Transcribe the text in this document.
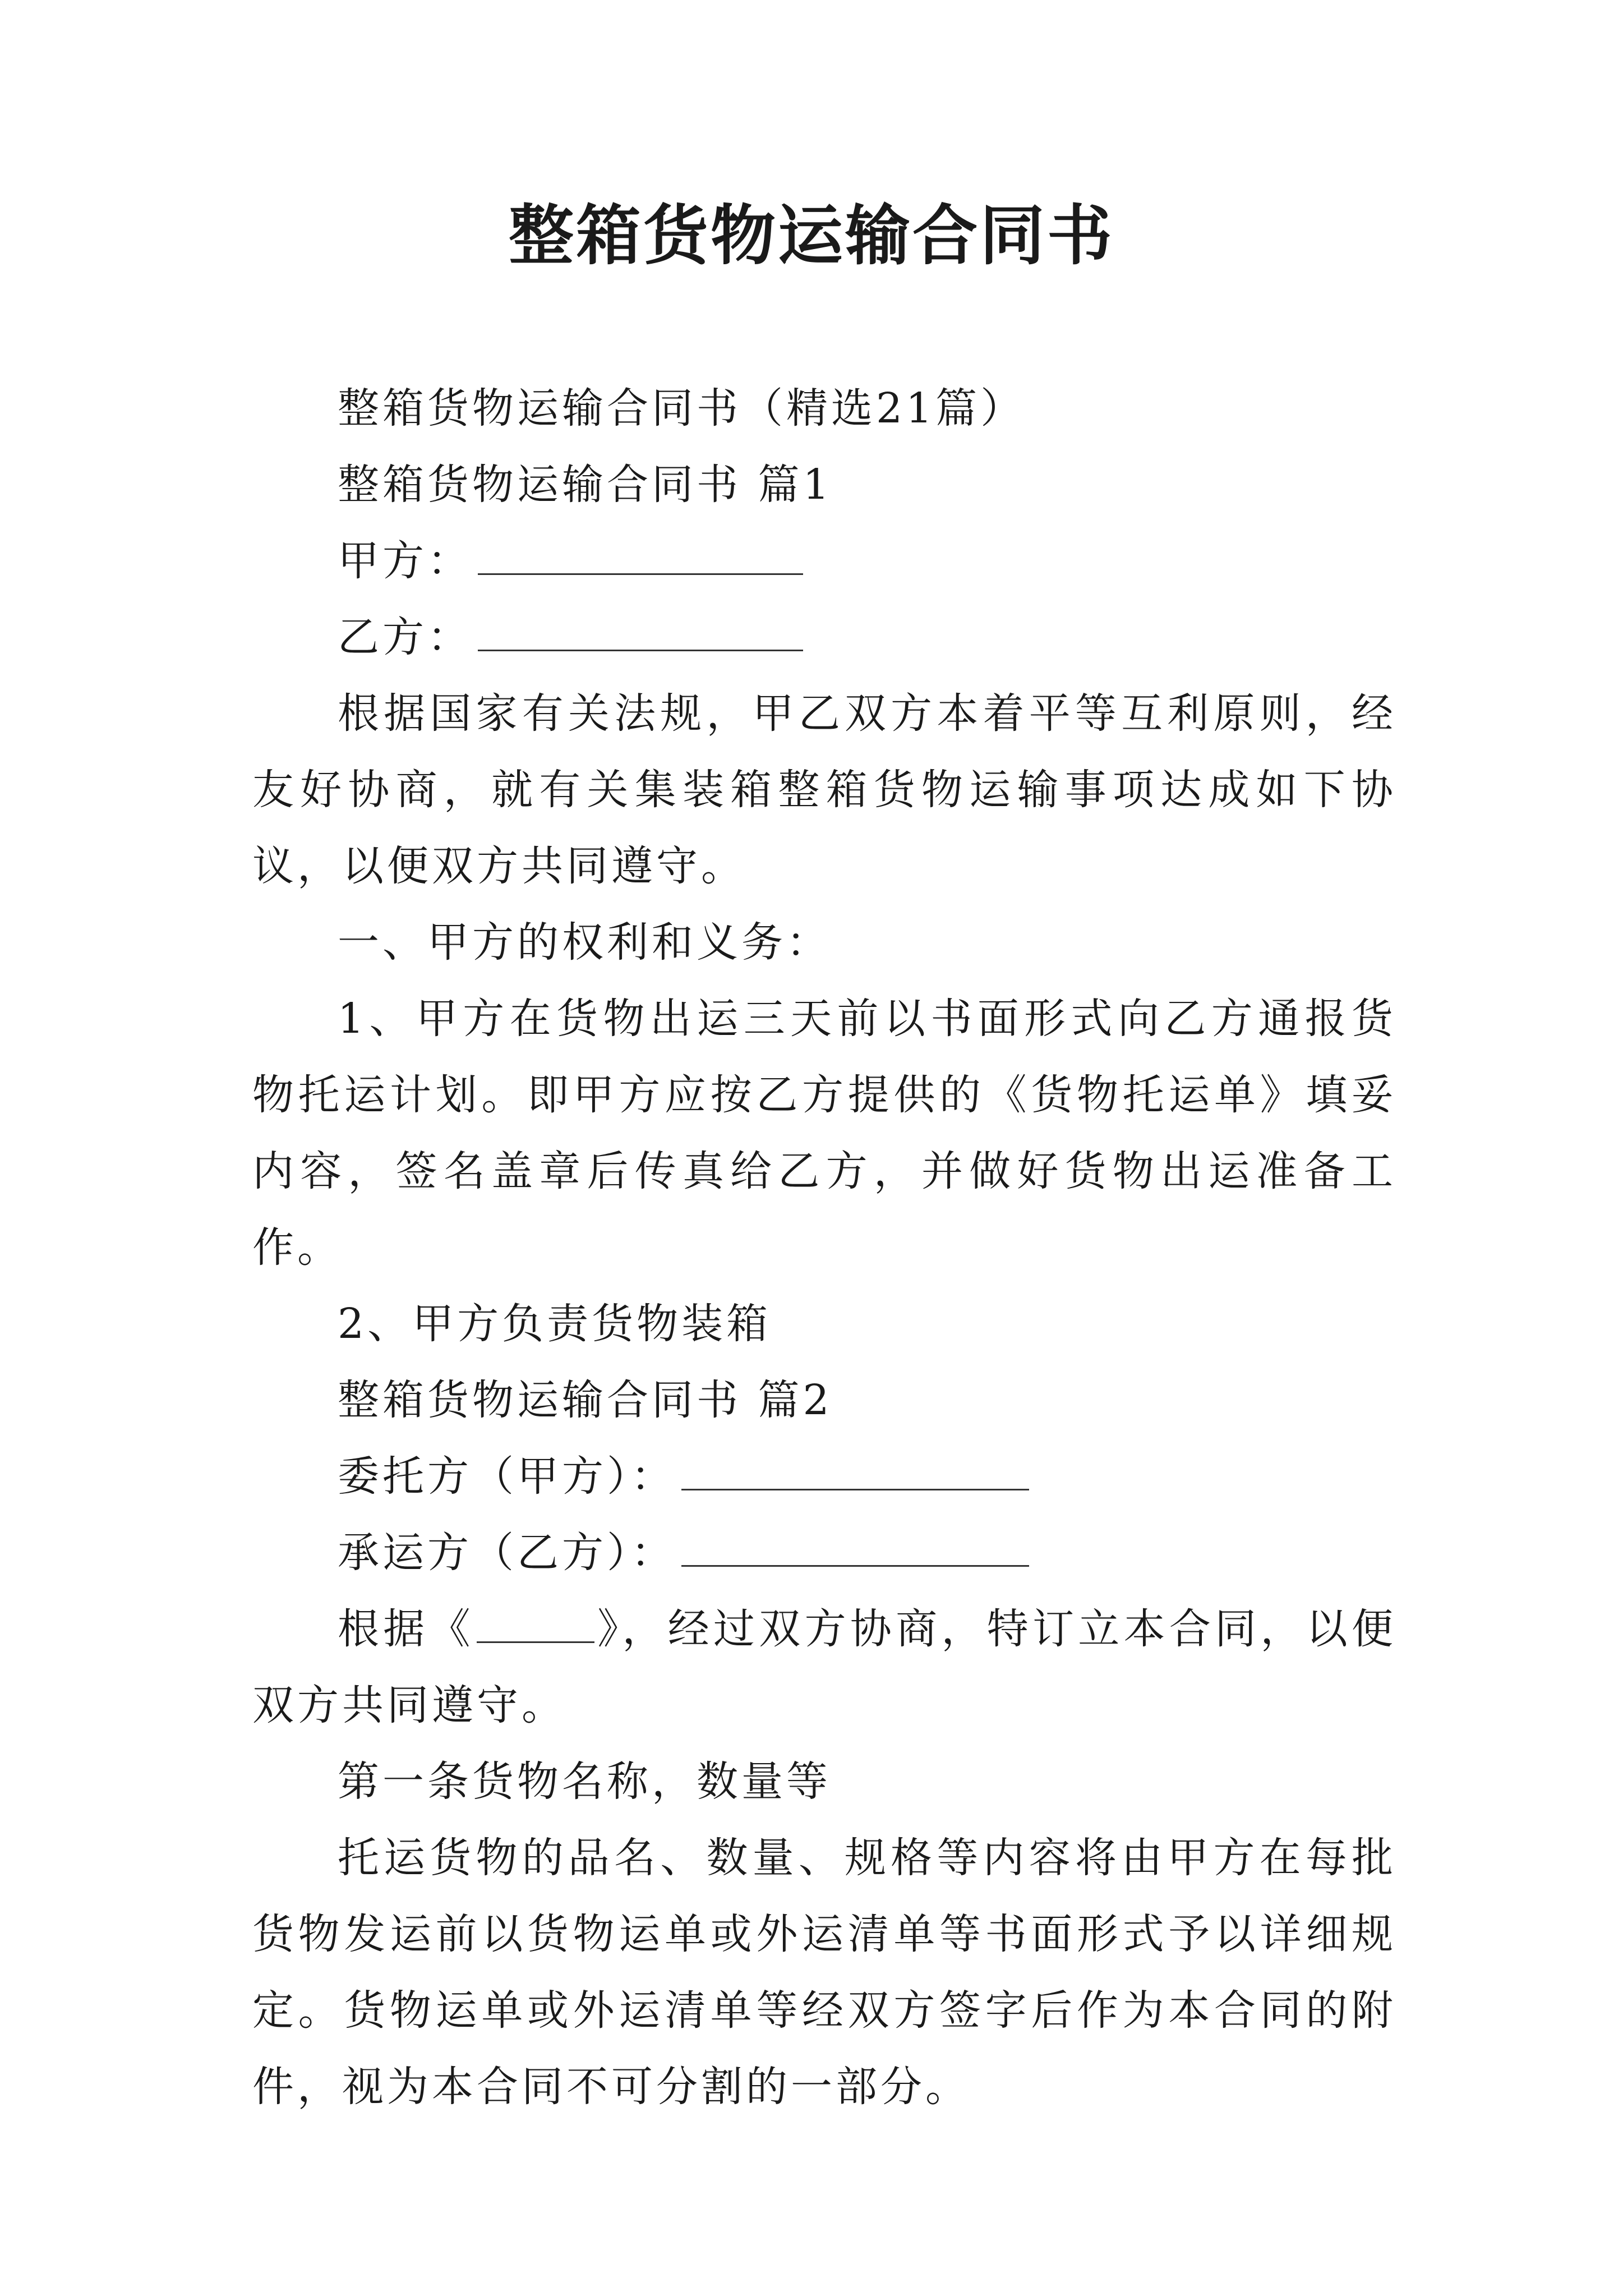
整箱货物运输合同书

整箱货物运输合同书（精选21篇）

整箱货物运输合同书 篇1

甲方：

乙方：

根据国家有关法规，甲乙双方本着平等互利原则，经友好协商，就有关集装箱整箱货物运输事项达成如下协议，以便双方共同遵守。

一、甲方的权利和义务：

1、甲方在货物出运三天前以书面形式向乙方通报货物托运计划。即甲方应按乙方提供的《货物托运单》填妥内容，签名盖章后传真给乙方，并做好货物出运准备工作。

2、甲方负责货物装箱

整箱货物运输合同书 篇2

委托方（甲方）：

承运方（乙方）：

根据《	》，经过双方协商，特订立本合同，以便双方共同遵守。

第一条货物名称，数量等

托运货物的品名、数量、规格等内容将由甲方在每批货物发运前以货物运单或外运清单等书面形式予以详细规定。货物运单或外运清单等经双方签字后作为本合同的附件，视为本合同不可分割的一部分。
